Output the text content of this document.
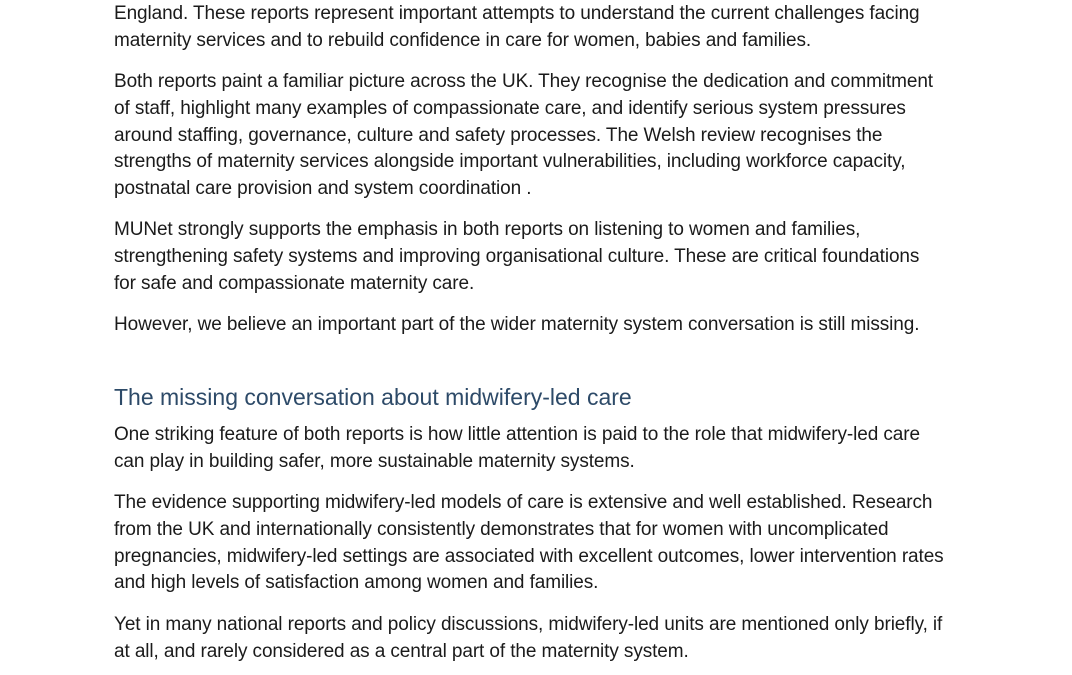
England. These reports represent important attempts to understand the current challenges facing maternity services and to rebuild confidence in care for women, babies and families.

Both reports paint a familiar picture across the UK. They recognise the dedication and commitment of staff, highlight many examples of compassionate care, and identify serious system pressures around staffing, governance, culture and safety processes. The Welsh review recognises the strengths of maternity services alongside important vulnerabilities, including workforce capacity, postnatal care provision and system coordination .

MUNet strongly supports the emphasis in both reports on listening to women and families, strengthening safety systems and improving organisational culture. These are critical foundations for safe and compassionate maternity care.

However, we believe an important part of the wider maternity system conversation is still missing.

The missing conversation about midwifery-led care

One striking feature of both reports is how little attention is paid to the role that midwifery-led care can play in building safer, more sustainable maternity systems.

The evidence supporting midwifery-led models of care is extensive and well established. Research from the UK and internationally consistently demonstrates that for women with uncomplicated pregnancies, midwifery-led settings are associated with excellent outcomes, lower intervention rates and high levels of satisfaction among women and families.

Yet in many national reports and policy discussions, midwifery-led units are mentioned only briefly, if at all, and rarely considered as a central part of the maternity system.
